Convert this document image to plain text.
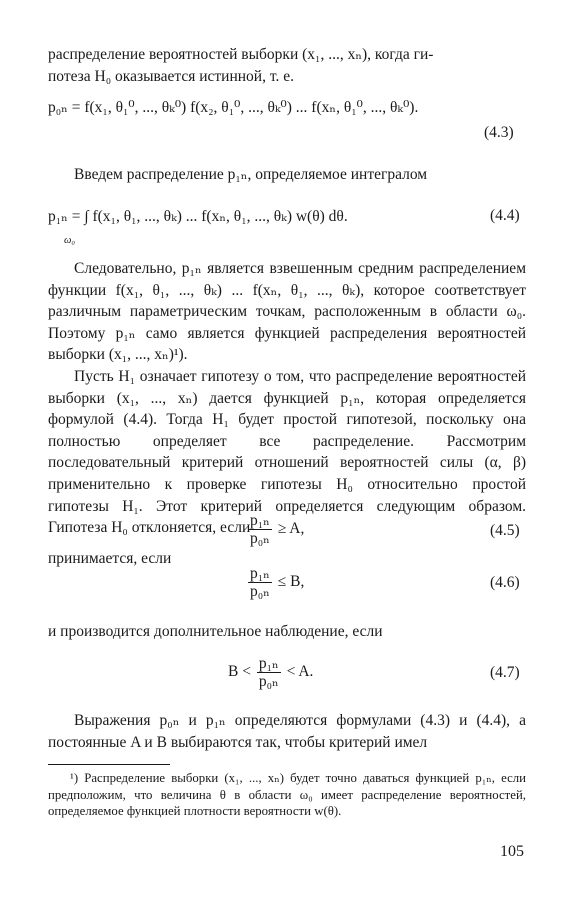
распределение вероятностей выборки (x₁, ..., xₙ), когда ги-

потеза H₀ оказывается истинной, т. е.

p₀ₙ = f(x₁, θ₁⁰, ..., θₖ⁰) f(x₂, θ₁⁰, ..., θₖ⁰) ... f(xₙ, θ₁⁰, ..., θₖ⁰).
(4.3)
Введем распределение p₁ₙ, определяемое интегралом
p₁ₙ = ∫ f(x₁, θ₁, ..., θₖ) ... f(xₙ, θ₁, ..., θₖ) w(θ) dθ.
ω₀
(4.4)
Следовательно, p₁ₙ является взвешенным средним распределением функции f(x₁, θ₁, ..., θₖ) ... f(xₙ, θ₁, ..., θₖ), которое соответствует различным параметрическим точкам, расположенным в области ω₀. Поэтому p₁ₙ само является функцией распределения вероятностей выборки (x₁, ..., xₙ)¹).
Пусть H₁ означает гипотезу о том, что распределение вероятностей выборки (x₁, ..., xₙ) дается функцией p₁ₙ, которая определяется формулой (4.4). Тогда H₁ будет простой гипотезой, поскольку она полностью определяет все распределение. Рассмотрим последовательный критерий отношений вероятностей силы (α, β) применительно к проверке гипотезы H₀ относительно простой гипотезы H₁. Этот критерий определяется следующим образом. Гипотеза H₀ отклоняется, если
$\frac{\text{p₁ₙ}}{\text{p₀ₙ}} \ge A$,	(4.5)
принимается, если
$\frac{\text{p₁ₙ}}{\text{p₀ₙ}} \le B$,	(4.6)
и производится дополнительное наблюдение, если
$B < \frac{\text{p₁ₙ}}{\text{p₀ₙ}} < A$.	(4.7)
Выражения p₀ₙ и p₁ₙ определяются формулами (4.3) и (4.4), а постоянные A и B выбираются так, чтобы критерий имел

¹) Распределение выборки (x₁, ..., xₙ) будет точно даваться функцией p₁ₙ, если предположим, что величина θ в области ω₀ имеет распределение вероятностей, определяемое функцией плотности вероятности w(θ).

105
